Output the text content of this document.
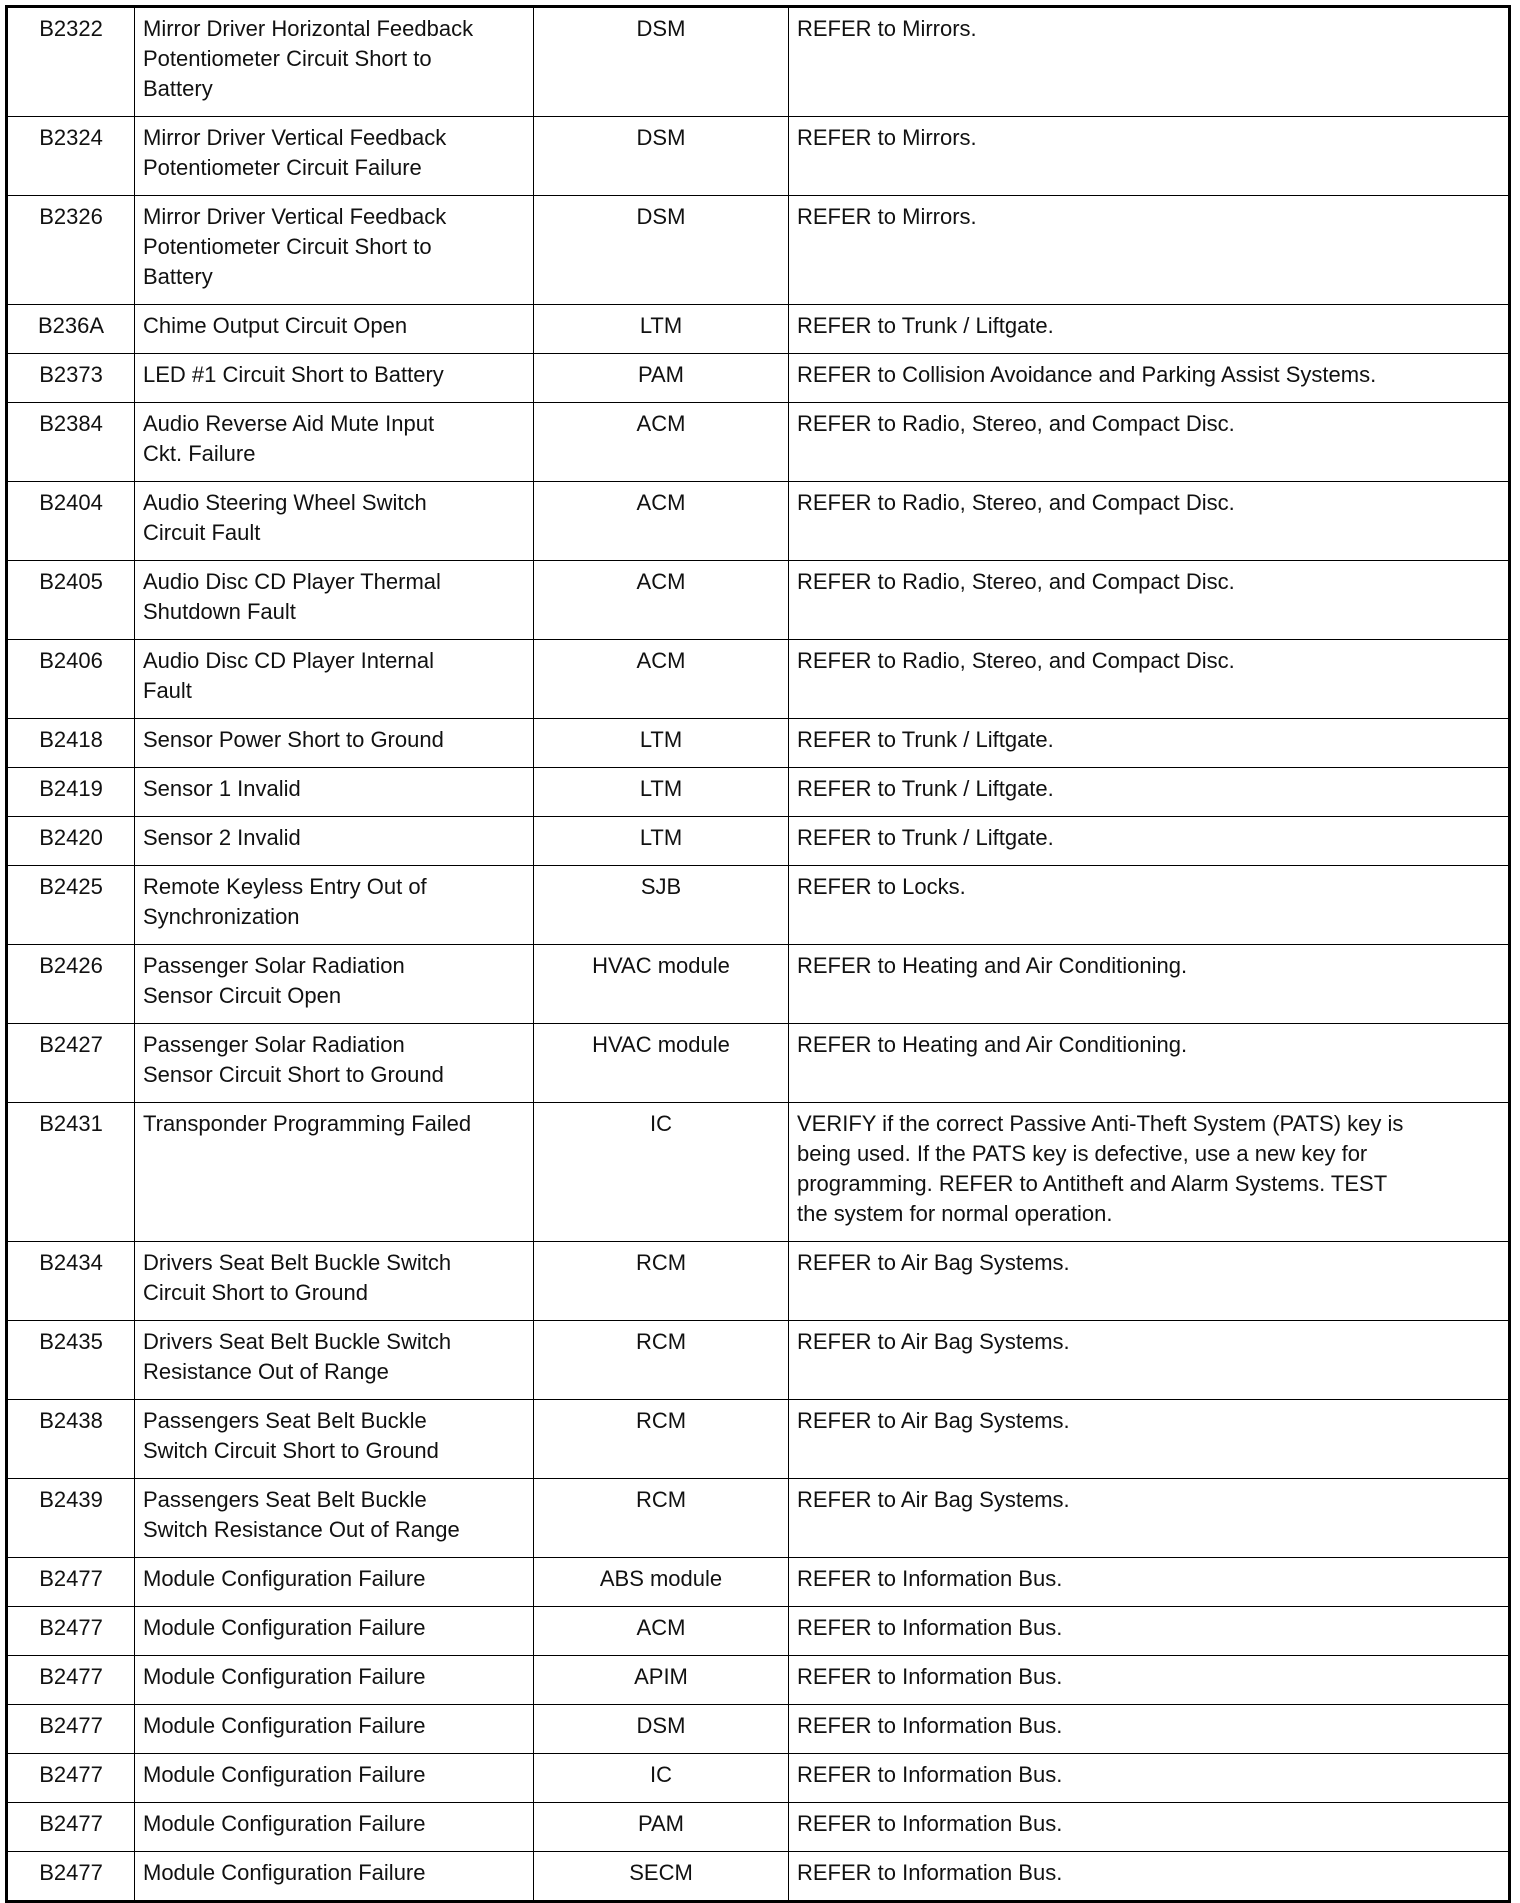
B2322	Mirror Driver Horizontal Feedback
Potentiometer Circuit Short to
Battery	DSM	REFER to Mirrors.
B2324	Mirror Driver Vertical Feedback
Potentiometer Circuit Failure	DSM	REFER to Mirrors.
B2326	Mirror Driver Vertical Feedback
Potentiometer Circuit Short to
Battery	DSM	REFER to Mirrors.
B236A	Chime Output Circuit Open	LTM	REFER to Trunk / Liftgate.
B2373	LED #1 Circuit Short to Battery	PAM	REFER to Collision Avoidance and Parking Assist Systems.
B2384	Audio Reverse Aid Mute Input
Ckt. Failure	ACM	REFER to Radio, Stereo, and Compact Disc.
B2404	Audio Steering Wheel Switch
Circuit Fault	ACM	REFER to Radio, Stereo, and Compact Disc.
B2405	Audio Disc CD Player Thermal
Shutdown Fault	ACM	REFER to Radio, Stereo, and Compact Disc.
B2406	Audio Disc CD Player Internal
Fault	ACM	REFER to Radio, Stereo, and Compact Disc.
B2418	Sensor Power Short to Ground	LTM	REFER to Trunk / Liftgate.
B2419	Sensor 1 Invalid	LTM	REFER to Trunk / Liftgate.
B2420	Sensor 2 Invalid	LTM	REFER to Trunk / Liftgate.
B2425	Remote Keyless Entry Out of
Synchronization	SJB	REFER to Locks.
B2426	Passenger Solar Radiation
Sensor Circuit Open	HVAC module	REFER to Heating and Air Conditioning.
B2427	Passenger Solar Radiation
Sensor Circuit Short to Ground	HVAC module	REFER to Heating and Air Conditioning.
B2431	Transponder Programming Failed	IC	VERIFY if the correct Passive Anti-Theft System (PATS) key is
being used. If the PATS key is defective, use a new key for
programming. REFER to Antitheft and Alarm Systems. TEST
the system for normal operation.
B2434	Drivers Seat Belt Buckle Switch
Circuit Short to Ground	RCM	REFER to Air Bag Systems.
B2435	Drivers Seat Belt Buckle Switch
Resistance Out of Range	RCM	REFER to Air Bag Systems.
B2438	Passengers Seat Belt Buckle
Switch Circuit Short to Ground	RCM	REFER to Air Bag Systems.
B2439	Passengers Seat Belt Buckle
Switch Resistance Out of Range	RCM	REFER to Air Bag Systems.
B2477	Module Configuration Failure	ABS module	REFER to Information Bus.
B2477	Module Configuration Failure	ACM	REFER to Information Bus.
B2477	Module Configuration Failure	APIM	REFER to Information Bus.
B2477	Module Configuration Failure	DSM	REFER to Information Bus.
B2477	Module Configuration Failure	IC	REFER to Information Bus.
B2477	Module Configuration Failure	PAM	REFER to Information Bus.
B2477	Module Configuration Failure	SECM	REFER to Information Bus.
